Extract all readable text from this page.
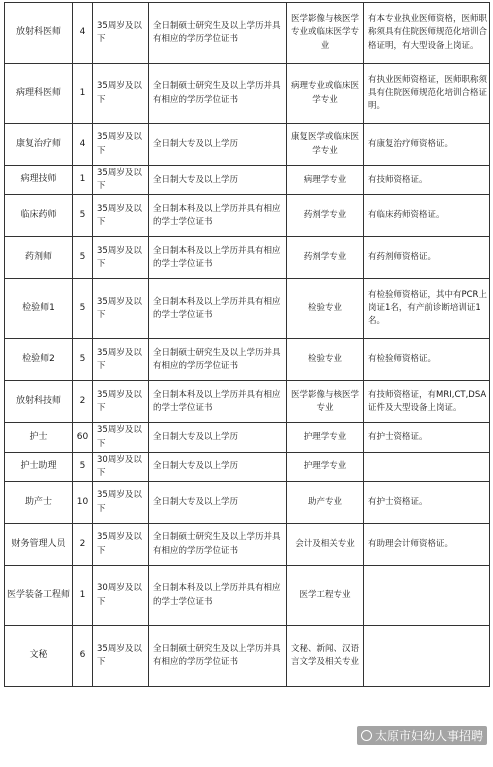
放射科医师	4	35周岁及以下	全日制硕士研究生及以上学历并具有相应的学历学位证书	医学影像与核医学专业或临床医学专业	有本专业执业医师资格，医师职称须具有住院医师规范化培训合格证明，有大型设备上岗证。
病理科医师	1	35周岁及以下	全日制硕士研究生及以上学历并具有相应的学历学位证书	病理专业或临床医学专业	有执业医师资格证，医师职称须具有住院医师规范化培训合格证明。
康复治疗师	4	35周岁及以下	全日制大专及以上学历	康复医学或临床医学专业	有康复治疗师资格证。
病理技师	1	35周岁及以下	全日制大专及以上学历	病理学专业	有技师资格证。
临床药师	5	35周岁及以下	全日制本科及以上学历并具有相应的学士学位证书	药剂学专业	有临床药师资格证。
药剂师	5	35周岁及以下	全日制本科及以上学历并具有相应的学士学位证书	药剂学专业	有药剂师资格证。
检验师1	5	35周岁及以下	全日制本科及以上学历并具有相应的学士学位证书	检验专业	有检验师资格证，其中有PCR上岗证1名，有产前诊断培训证1名。
检验师2	5	35周岁及以下	全日制硕士研究生及以上学历并具有相应的学历学位证书	检验专业	有检验师资格证。
放射科技师	2	35周岁及以下	全日制本科及以上学历并具有相应的学士学位证书	医学影像与核医学专业	有技师资格证，有MRI,CT,DSA证件及大型设备上岗证。
护士	60	35周岁及以下	全日制大专及以上学历	护理学专业	有护士资格证。
护士助理	5	30周岁及以下	全日制大专及以上学历	护理学专业	
助产士	10	35周岁及以下	全日制大专及以上学历	助产专业	有护士资格证。
财务管理人员	2	35周岁及以下	全日制硕士研究生及以上学历并具有相应的学历学位证书	会计及相关专业	有助理会计师资格证。
医学装备工程师	1	30周岁及以下	全日制本科及以上学历并具有相应的学士学位证书	医学工程专业	
文秘	6	35周岁及以下	全日制硕士研究生及以上学历并具有相应的学历学位证书	文秘、新闻、汉语言文学及相关专业	
太原市妇幼人事招聘
